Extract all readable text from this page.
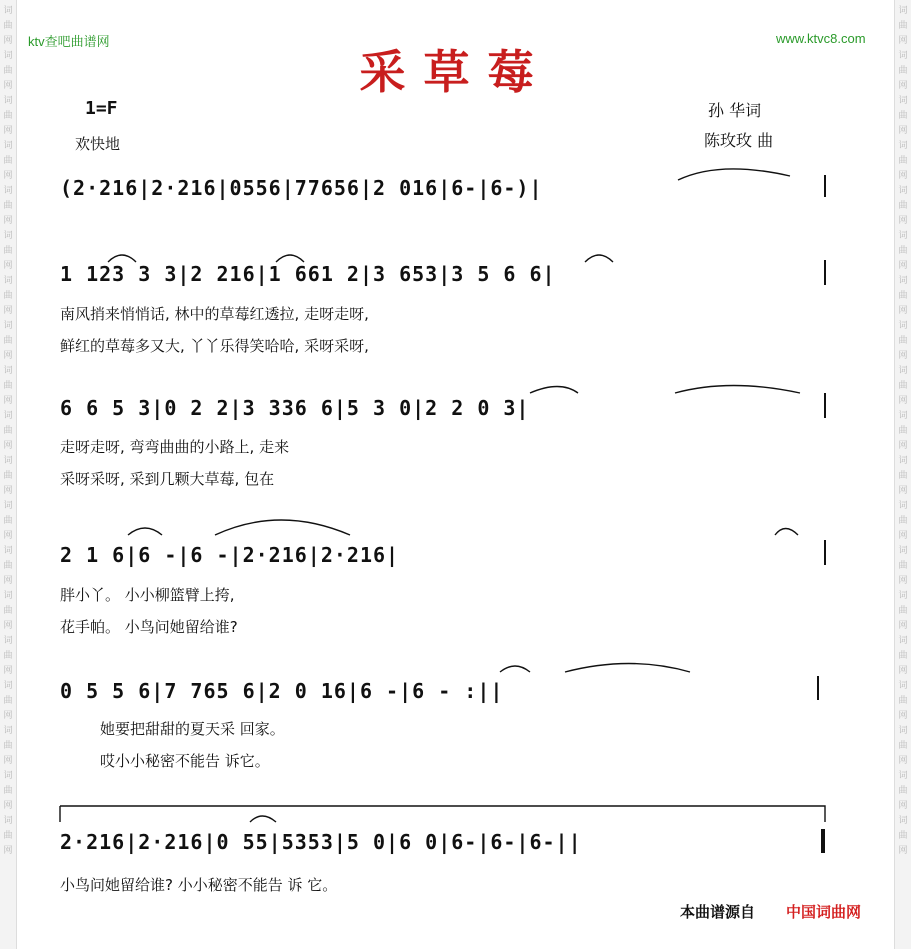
词曲网词曲网词曲网词曲网词曲网词曲网词曲网词曲网词曲网词曲网词曲网词曲网词曲网词曲网词曲网词曲网词曲网词曲网词曲网
词曲网词曲网词曲网词曲网词曲网词曲网词曲网词曲网词曲网词曲网词曲网词曲网词曲网词曲网词曲网词曲网词曲网词曲网词曲网
ktv查吧曲谱网	www.ktvc8.com
采草莓
1=F
欢快地
孙 华词
陈玫玫 曲
(2·216|2·216|0556|77656|2 016|6-|6-)|
1 123 3 3|2 216|1 661 2|3 653|3 5 6 6|
南风捎来悄悄话, 林中的草莓红透拉, 走呀走呀,
鲜红的草莓多又大, 丫丫乐得笑哈哈, 采呀采呀,
6 6 5 3|0 2 2|3 336 6|5 3 0|2 2 0 3|
走呀走呀, 弯弯曲曲的小路上, 走来
采呀采呀, 采到几颗大草莓, 包在
2 1 6|6 -|6 -|2·216|2·216|
胖小丫。 小小柳篮臂上挎,
花手帕。 小鸟问她留给谁?
0 5 5 6|7 765 6|2 0 16|6 -|6 - :||
她要把甜甜的夏天采 回家。
哎小小秘密不能告 诉它。
2·216|2·216|0 55|5353|5 0|6 0|6-|6-|6-||
小鸟问她留给谁? 小小秘密不能告 诉 它。
本曲谱源自 中国词曲网
